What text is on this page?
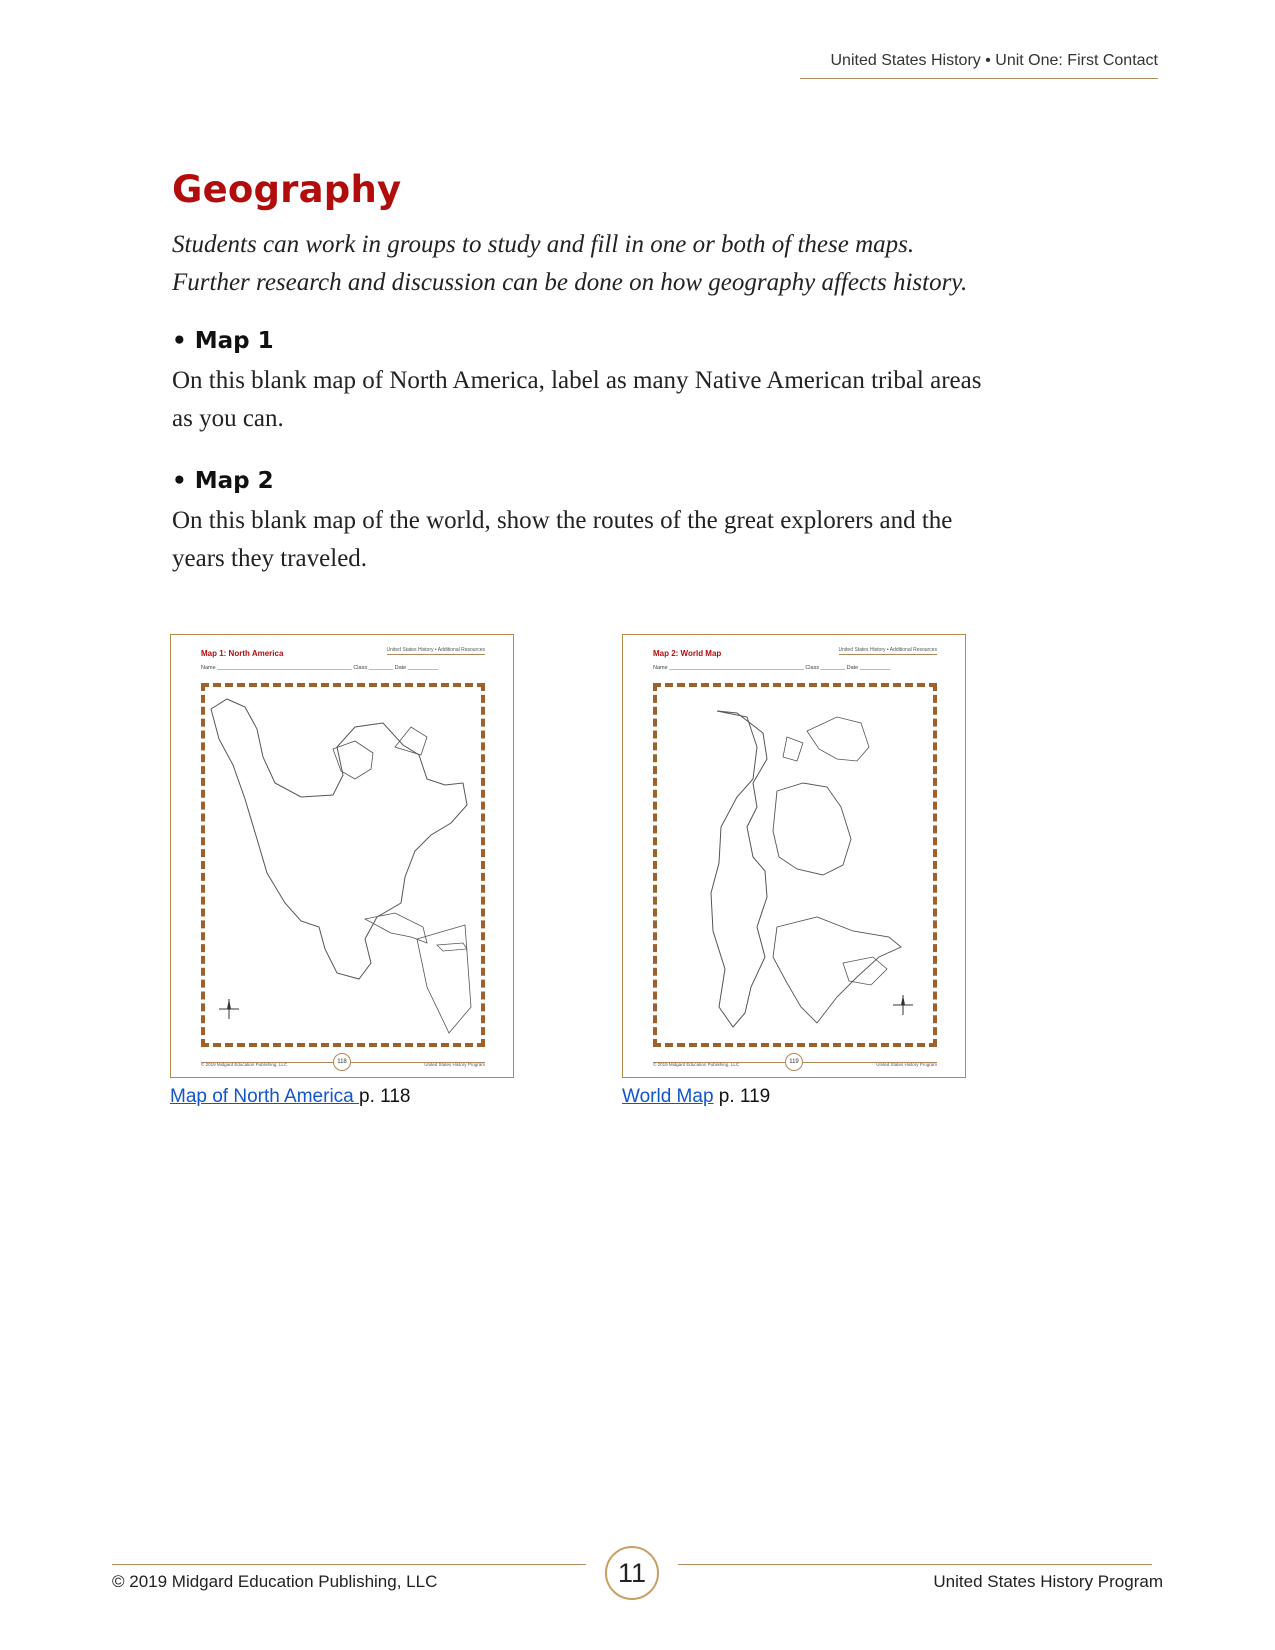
United States History • Unit One: First Contact
Geography

Students can work in groups to study and fill in one or both of these maps. Further research and discussion can be done on how geography affects history.

• Map 1

On this blank map of North America, label as many Native American tribal areas as you can.

• Map 2

On this blank map of the world, show the routes of the great explorers and the years they traveled.

Map 1: North America	United States History • Additional Resources
Name ____________________________________________ Class ________ Date __________
© 2019 Midgard Education Publishing, LLC	118	United States History Program
Map 2: World Map	United States History • Additional Resources
Name ____________________________________________ Class ________ Date __________
© 2019 Midgard Education Publishing, LLC	119	United States History Program
Map of North America p. 118	World Map p. 119
© 2019 Midgard Education Publishing, LLC	11	United States History Program
